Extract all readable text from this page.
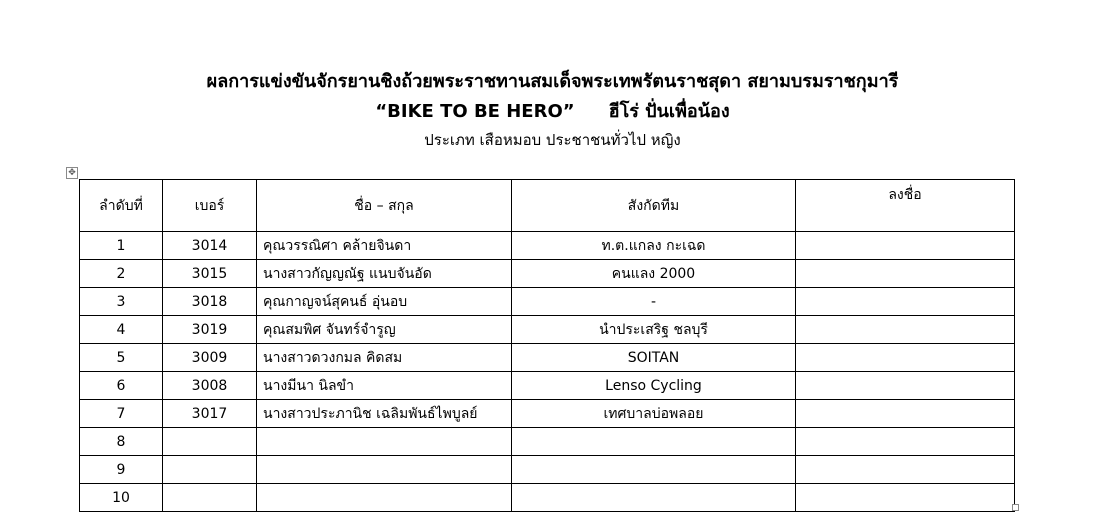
ผลการแข่งขันจักรยานชิงถ้วยพระราชทานสมเด็จพระเทพรัตนราชสุดา สยามบรมราชกุมารี
“BIKE TO BE HERO” ฮีโร่ ปั่นเพื่อน้อง
ประเภท เสือหมอบ ประชาชนทั่วไป หญิง
✥
ลำดับที่	เบอร์	ชื่อ – สกุล	สังกัดทีม	ลงชื่อ
1	3014	คุณวรรณิศา คล้ายจินดา	ท.ต.แกลง กะเฉด	
2	3015	นางสาวกัญญณัฐ แนบจันอัด	คนแลง 2000	
3	3018	คุณกาญจน์สุคนธ์ อุ่นอบ	-	
4	3019	คุณสมพิศ จันทร์จำรูญ	นำประเสริฐ ชลบุรี	
5	3009	นางสาวดวงกมล คิดสม	SOITAN	
6	3008	นางมีนา นิลขำ	Lenso Cycling	
7	3017	นางสาวประภานิช เฉลิมพันธ์ไพบูลย์	เทศบาลบ่อพลอย	
8				
9				
10				
